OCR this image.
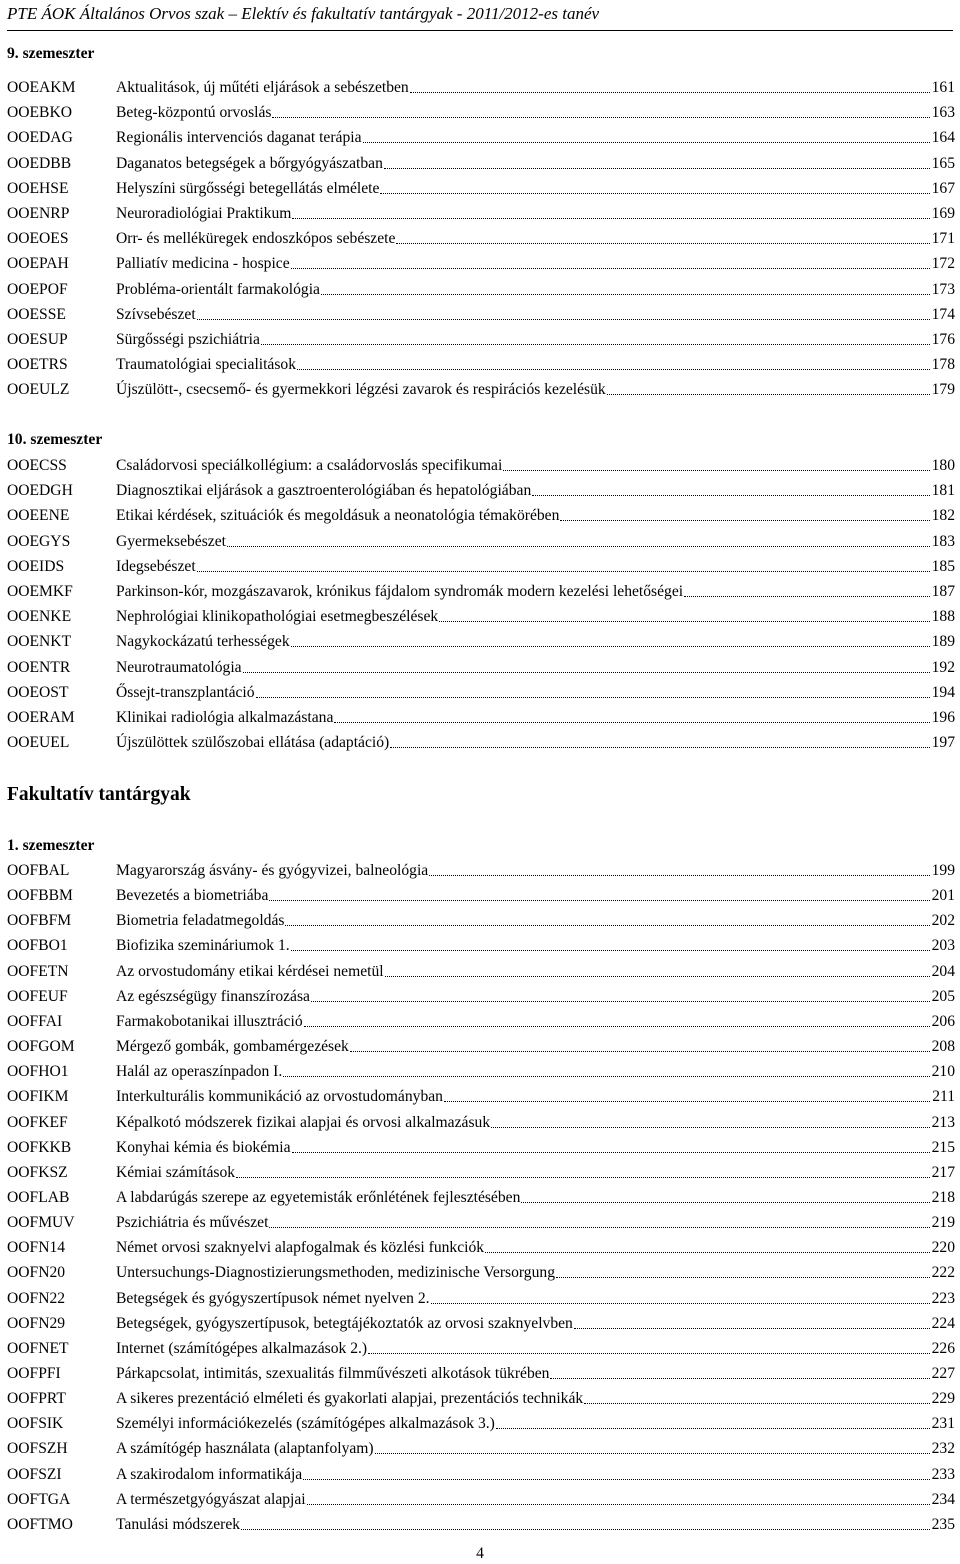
PTE ÁOK Általános Orvos szak – Elektív és fakultatív tantárgyak - 2011/2012-es tanév
9. szemeszter
OOEAKM	Aktualitások, új műtéti eljárások a sebészetben	161
OOEBKO	Beteg-központú orvoslás	163
OOEDAG	Regionális intervenciós daganat terápia	164
OOEDBB	Daganatos betegségek a bőrgyógyászatban	165
OOEHSE	Helyszíni sürgősségi betegellátás elmélete	167
OOENRP	Neuroradiológiai Praktikum	169
OOEOES	Orr- és melléküregek endoszkópos sebészete	171
OOEPAH	Palliatív medicina - hospice	172
OOEPOF	Probléma-orientált farmakológia	173
OOESSE	Szívsebészet	174
OOESUP	Sürgősségi pszichiátria	176
OOETRS	Traumatológiai specialitások	178
OOEULZ	Újszülött-, csecsemő- és gyermekkori légzési zavarok és respirációs kezelésük	179
10. szemeszter
OOECSS	Családorvosi speciálkollégium: a családorvoslás specifikumai	180
OOEDGH	Diagnosztikai eljárások a gasztroenterológiában és hepatológiában	181
OOEENE	Etikai kérdések, szituációk és megoldásuk a neonatológia témakörében	182
OOEGYS	Gyermeksebészet	183
OOEIDS	Idegsebészet	185
OOEMKF	Parkinson-kór, mozgászavarok, krónikus fájdalom syndromák modern kezelési lehetőségei	187
OOENKE	Nephrológiai klinikopathológiai esetmegbeszélések	188
OOENKT	Nagykockázatú terhességek	189
OOENTR	Neurotraumatológia	192
OOEOST	Őssejt-transzplantáció	194
OOERAM	Klinikai radiológia alkalmazástana	196
OOEUEL	Újszülöttek szülőszobai ellátása (adaptáció)	197
Fakultatív tantárgyak
1. szemeszter
OOFBAL	Magyarország ásvány- és gyógyvizei, balneológia	199
OOFBBM	Bevezetés a biometriába	201
OOFBFM	Biometria feladatmegoldás	202
OOFBO1	Biofizika szemináriumok 1.	203
OOFETN	Az orvostudomány etikai kérdései nemetül	204
OOFEUF	Az egészségügy finanszírozása	205
OOFFAI	Farmakobotanikai illusztráció	206
OOFGOM	Mérgező gombák, gombamérgezések	208
OOFHO1	Halál az operaszínpadon I.	210
OOFIKM	Interkulturális kommunikáció az orvostudományban	211
OOFKEF	Képalkotó módszerek fizikai alapjai és orvosi alkalmazásuk	213
OOFKKB	Konyhai kémia és biokémia	215
OOFKSZ	Kémiai számítások	217
OOFLAB	A labdarúgás szerepe az egyetemisták erőnlétének fejlesztésében	218
OOFMUV	Pszichiátria és művészet	219
OOFN14	Német orvosi szaknyelvi alapfogalmak és közlési funkciók	220
OOFN20	Untersuchungs-Diagnostizierungsmethoden, medizinische Versorgung	222
OOFN22	Betegségek és gyógyszertípusok német nyelven 2.	223
OOFN29	Betegségek, gyógyszertípusok, betegtájékoztatók az orvosi szaknyelvben	224
OOFNET	Internet (számítógépes alkalmazások 2.)	226
OOFPFI	Párkapcsolat, intimitás, szexualitás filmművészeti alkotások tükrében	227
OOFPRT	A sikeres prezentáció elméleti és gyakorlati alapjai, prezentációs technikák	229
OOFSIK	Személyi információkezelés (számítógépes alkalmazások 3.)	231
OOFSZH	A számítógép használata (alaptanfolyam)	232
OOFSZI	A szakirodalom informatikája	233
OOFTGA	A természetgyógyászat alapjai	234
OOFTMO	Tanulási módszerek	235
4
